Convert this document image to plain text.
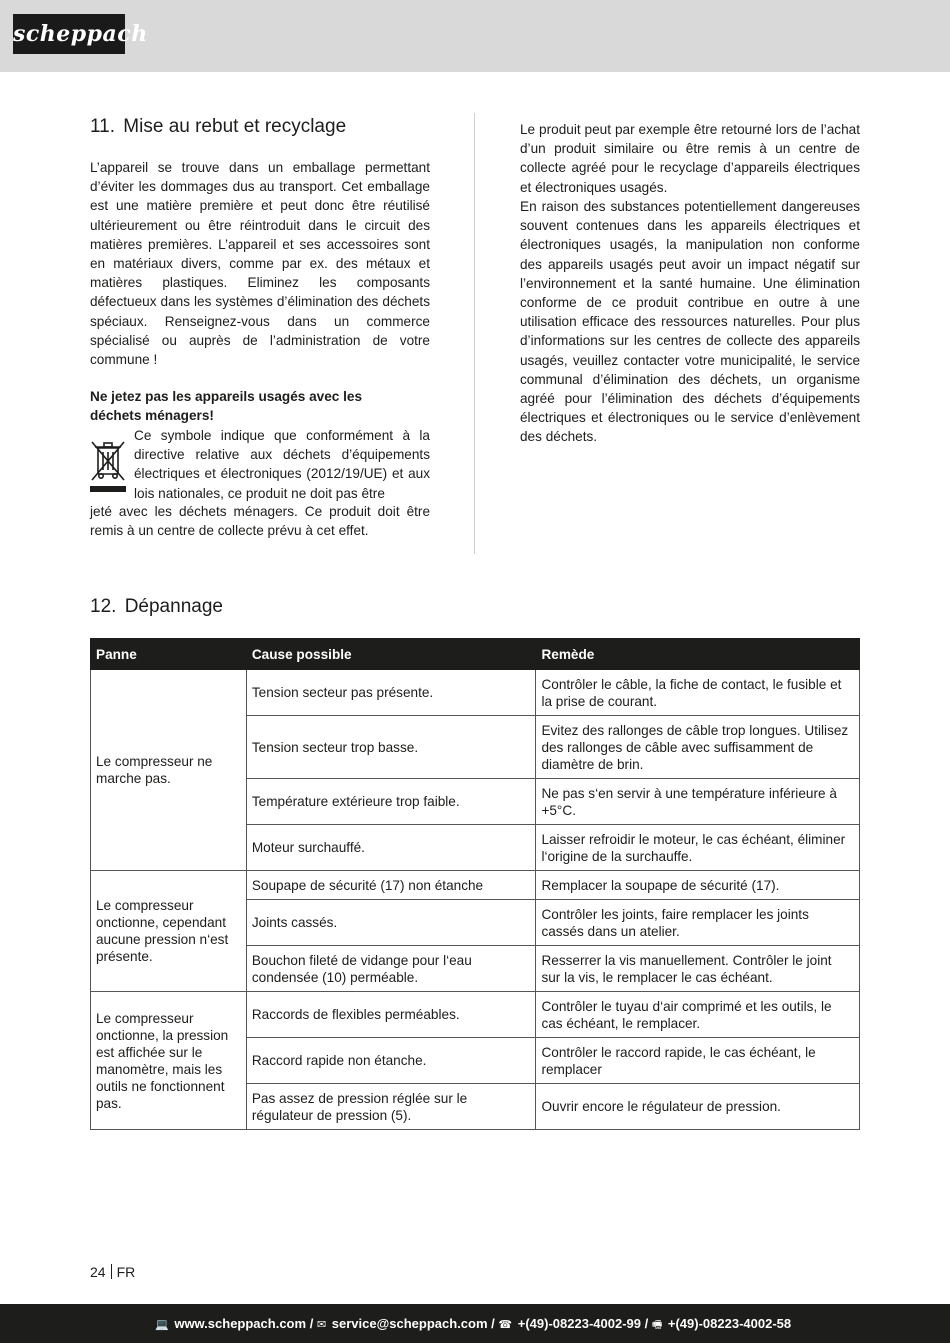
scheppach
11. Mise au rebut et recyclage
L’appareil se trouve dans un emballage permettant d’éviter les dommages dus au transport. Cet emballage est une matière première et peut donc être réutilisé ultérieurement ou être réintroduit dans le circuit des matières premières. L’appareil et ses accessoires sont en matériaux divers, comme par ex. des métaux et matières plastiques. Eliminez les composants défectueux dans les systèmes d’élimination des déchets spéciaux. Renseignez-vous dans un commerce spécialisé ou auprès de l’administration de votre commune !
Ne jetez pas les appareils usagés avec les déchets ménagers!
Ce symbole indique que conformément à la directive relative aux déchets d’équipements électriques et électroniques (2012/19/UE) et aux lois nationales, ce produit ne doit pas être
jeté avec les déchets ménagers. Ce produit doit être remis à un centre de collecte prévu à cet effet.
Le produit peut par exemple être retourné lors de l’achat d’un produit similaire ou être remis à un centre de collecte agréé pour le recyclage d’appareils électriques et électroniques usagés.
En raison des substances potentiellement dangereuses souvent contenues dans les appareils électriques et électroniques usagés, la manipulation non conforme des appareils usagés peut avoir un impact négatif sur l’environnement et la santé humaine. Une élimination conforme de ce produit contribue en outre à une utilisation efficace des ressources naturelles. Pour plus d’informations sur les centres de collecte des appareils usagés, veuillez contacter votre municipalité, le service communal d’élimination des déchets, un organisme agréé pour l’élimination des déchets d’équipements électriques et électroniques ou le service d’enlèvement des déchets.
12. Dépannage
Panne	Cause possible	Remède
Le compresseur ne marche pas.	Tension secteur pas présente.	Contrôler le câble, la fiche de contact, le fusible et la prise de courant.
	Tension secteur trop basse.	Evitez des rallonges de câble trop longues. Utilisez des rallonges de câble avec suffisamment de diamètre de brin.
	Température extérieure trop faible.	Ne pas s‘en servir à une température inférieure à +5°C.
	Moteur surchauffé.	Laisser refroidir le moteur, le cas échéant, éliminer l‘origine de la surchauffe.
Le compresseur onctionne, cependant aucune pression n‘est présente.	Soupape de sécurité (17) non étanche	Remplacer la soupape de sécurité (17).
	Joints cassés.	Contrôler les joints, faire remplacer les joints cassés dans un atelier.
	Bouchon fileté de vidange pour l‘eau condensée (10) perméable.	Resserrer la vis manuellement. Contrôler le joint sur la vis, le remplacer le cas échéant.
Le compresseur onctionne, la pression est affichée sur le manomètre, mais les outils ne fonctionnent pas.	Raccords de flexibles perméables.	Contrôler le tuyau d‘air comprimé et les outils, le cas échéant, le remplacer.
	Raccord rapide non étanche.	Contrôler le raccord rapide, le cas échéant, le remplacer
	Pas assez de pression réglée sur le régulateur de pression (5).	Ouvrir encore le régulateur de pression.
24 FR
💻 www.scheppach.com / ✉ service@scheppach.com / ☎ +(49)-08223-4002-99 / 🖷 +(49)-08223-4002-58
